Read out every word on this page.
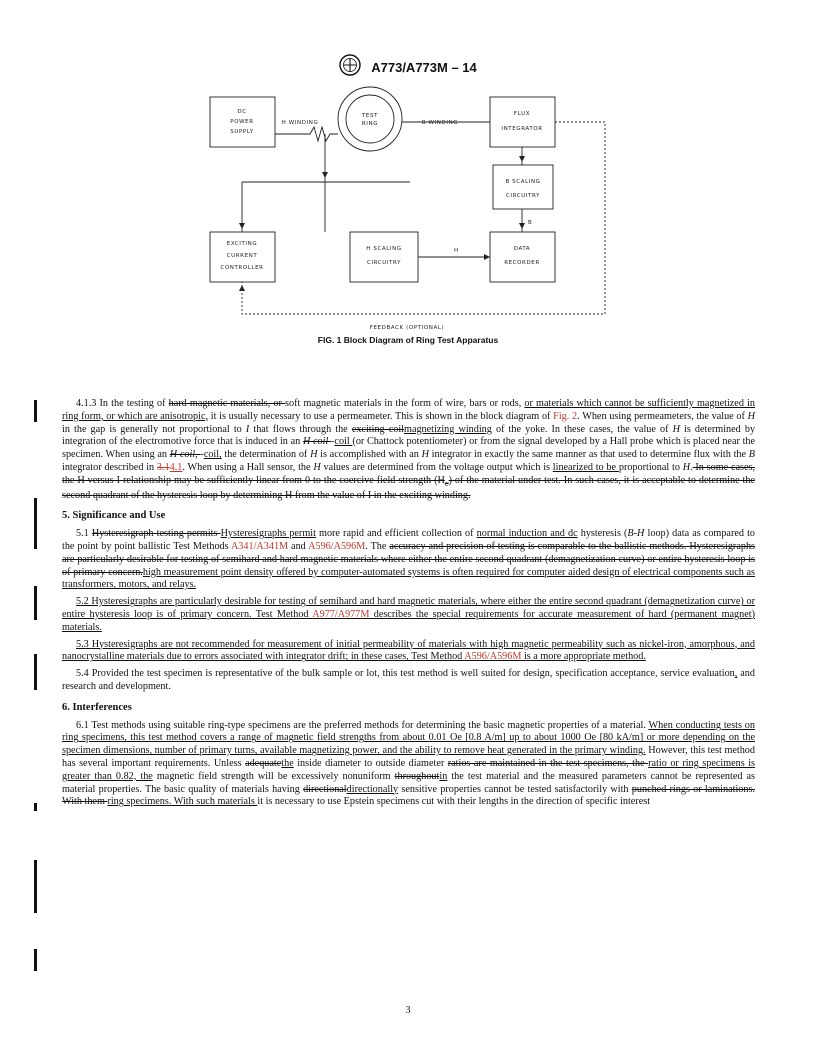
A773/A773M – 14
DC
POWER
SUPPLY
H WINDING
TEST
RING	B WINDING
FLUX
INTEGRATOR
B SCALING
CIRCUITRY
B
EXCITING
CURRENT
CONTROLLER
H SCALING
CIRCUITRY
H	DATA
RECORDER
FEEDBACK (OPTIONAL)
FIG. 1 Block Diagram of Ring Test Apparatus

4.1.3 In the testing of hard magnetic materials, or soft magnetic materials in the form of wire, bars or rods, or materials which cannot be sufficiently magnetized in ring form, or which are anisotropic, it is usually necessary to use a permeameter. This is shown in the block diagram of Fig. 2. When using permeameters, the value of H in the gap is generally not proportional to I that flows through the exciting coilmagnetizing winding of the yoke. In these cases, the value of H is determined by integration of the electromotive force that is induced in an H coil -coil (or Chattock potentiometer) or from the signal developed by a Hall probe which is placed near the specimen. When using an H coil, -coil, the determination of H is accomplished with an H integrator in exactly the same manner as that used to determine flux with the B integrator described in 3.14.1. When using a Hall sensor, the H values are determined from the voltage output which is linearized to be proportional to H. In some cases, the H versus I relationship may be sufficiently linear from 0 to the coercive field strength $(H_c)$ of the material under test. In such cases, it is acceptable to determine the second quadrant of the hysteresis loop by determining H from the value of I in the exciting winding.

5. Significance and Use

5.1 Hysteresigraph testing permits Hysteresigraphs permit more rapid and efficient collection of normal induction and dc hysteresis (B-H loop) data as compared to the point by point ballistic Test Methods A341/A341M and A596/A596M. The accuracy and precision of testing is comparable to the ballistic methods. Hysteresigraphs are particularly desirable for testing of semihard and hard magnetic materials where either the entire second quadrant (demagnetization curve) or entire hysteresis loop is of primary concern.high measurement point density offered by computer-automated systems is often required for computer aided design of electrical components such as transformers, motors, and relays.

5.2 Hysteresigraphs are particularly desirable for testing of semihard and hard magnetic materials, where either the entire second quadrant (demagnetization curve) or entire hysteresis loop is of primary concern. Test Method A977/A977M describes the special requirements for accurate measurement of hard (permanent magnet) materials.

5.3 Hysteresigraphs are not recommended for measurement of initial permeability of materials with high magnetic permeability such as nickel-iron, amorphous, and nanocrystalline materials due to errors associated with integrator drift; in these cases, Test Method A596/A596M is a more appropriate method.

5.4 Provided the test specimen is representative of the bulk sample or lot, this test method is well suited for design, specification acceptance, service evaluation, and research and development.

6. Interferences

6.1 Test methods using suitable ring-type specimens are the preferred methods for determining the basic magnetic properties of a material. When conducting tests on ring specimens, this test method covers a range of magnetic field strengths from about 0.01 Oe [0.8 A/m] up to about 1000 Oe [80 kA/m] or more depending on the specimen dimensions, number of primary turns, available magnetizing power, and the ability to remove heat generated in the primary winding. However, this test method has several important requirements. Unless adequatethe inside diameter to outside diameter ratios are maintained in the test specimens, the ratio or ring specimens is greater than 0.82, the magnetic field strength will be excessively nonuniform throughoutin the test material and the measured parameters cannot be represented as material properties. The basic quality of materials having directionaldirectionally sensitive properties cannot be tested satisfactorily with punched rings or laminations. With them ring specimens. With such materials it is necessary to use Epstein specimens cut with their lengths in the direction of specific interest

3
